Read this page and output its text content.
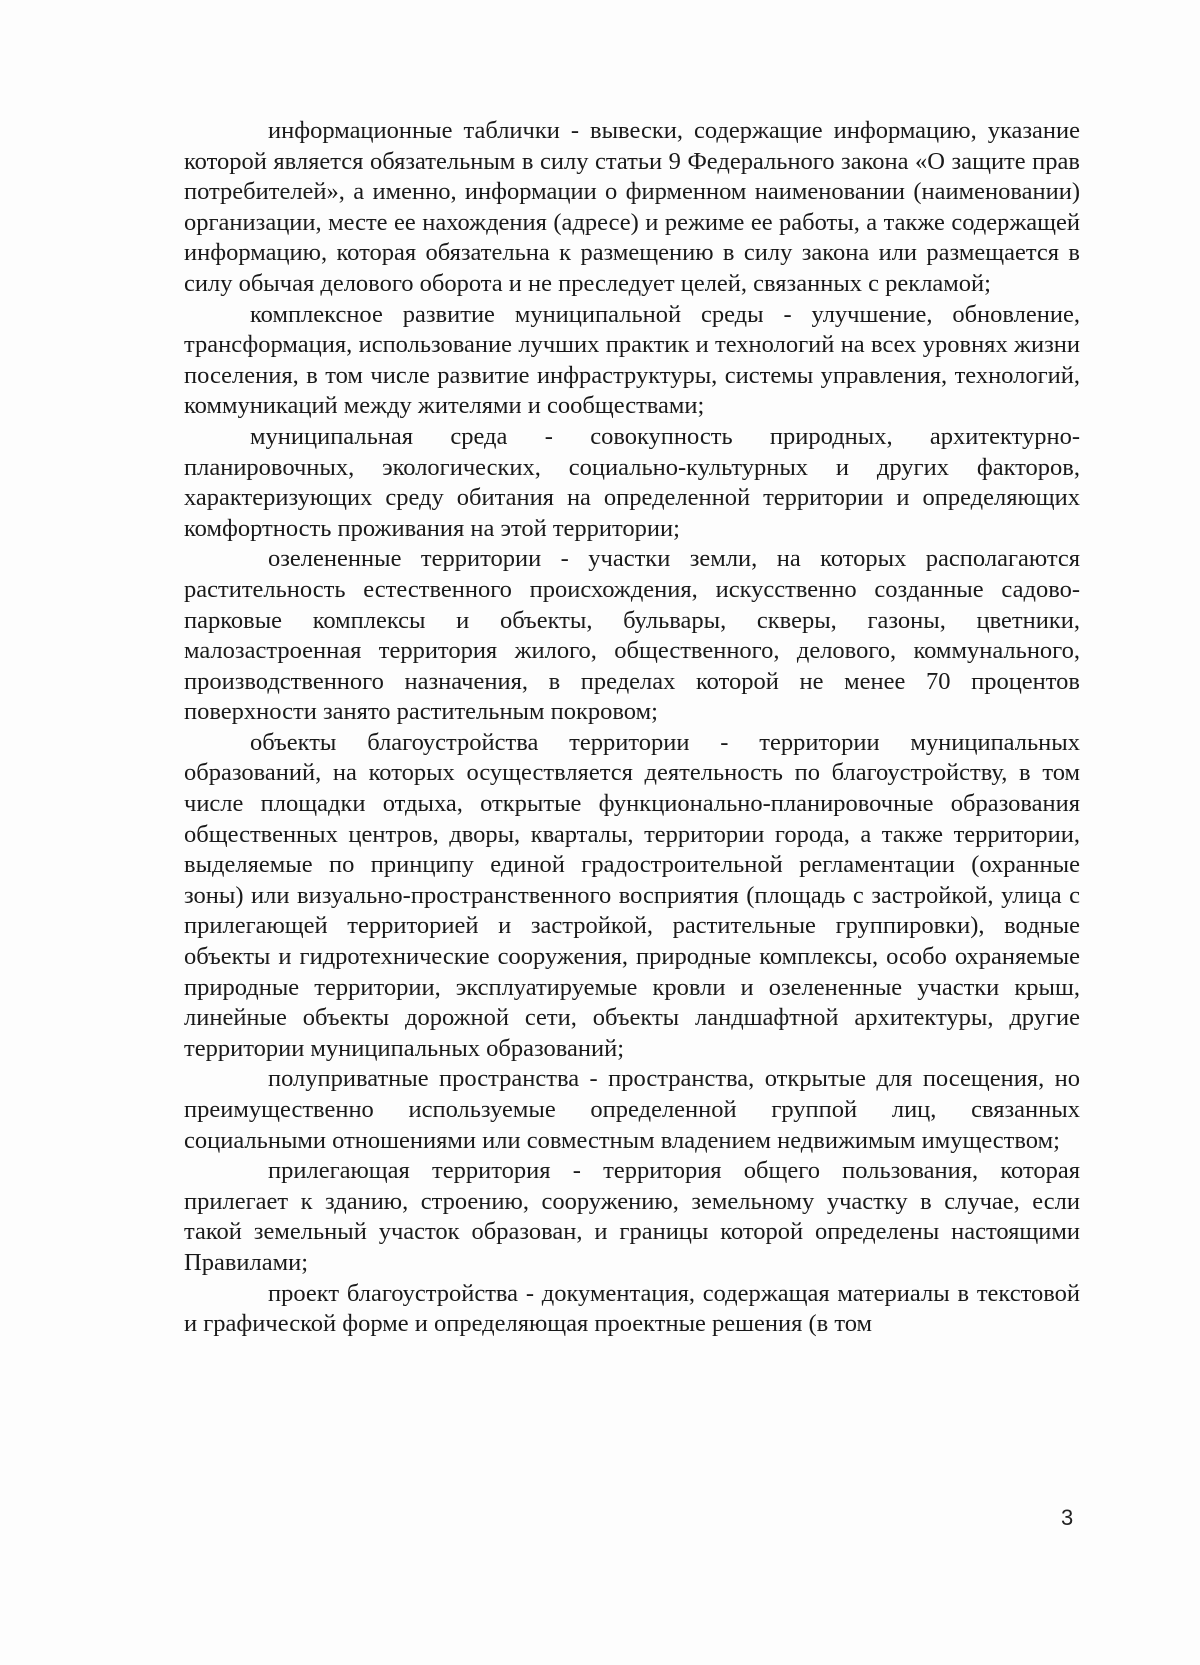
информационные таблички - вывески, содержащие информацию, указание которой является обязательным в силу статьи 9 Федерального закона «О защите прав потребителей», а именно, информации о фирменном наименовании (наименовании) организации, месте ее нахождения (адресе) и режиме ее работы, а также содержащей информацию, которая обязательна к размещению в силу закона или размещается в силу обычая делового оборота и не преследует целей, связанных с рекламой;

комплексное развитие муниципальной среды - улучшение, обновление, трансформация, использование лучших практик и технологий на всех уровнях жизни поселения, в том числе развитие инфраструктуры, системы управления, технологий, коммуникаций между жителями и сообществами;

муниципальная среда - совокупность природных, архитектурно-планировочных, экологических, социально-культурных и других факторов, характеризующих среду обитания на определенной территории и определяющих комфортность проживания на этой территории;

озелененные территории - участки земли, на которых располагаются растительность естественного происхождения, искусственно созданные садово-парковые комплексы и объекты, бульвары, скверы, газоны, цветники, малозастроенная территория жилого, общественного, делового, коммунального, производственного назначения, в пределах которой не менее 70 процентов поверхности занято растительным покровом;

объекты благоустройства территории - территории муниципальных образований, на которых осуществляется деятельность по благоустройству, в том числе площадки отдыха, открытые функционально-планировочные образования общественных центров, дворы, кварталы, территории города, а также территории, выделяемые по принципу единой градостроительной регламентации (охранные зоны) или визуально-пространственного восприятия (площадь с застройкой, улица с прилегающей территорией и застройкой, растительные группировки), водные объекты и гидротехнические сооружения, природные комплексы, особо охраняемые природные территории, эксплуатируемые кровли и озелененные участки крыш, линейные объекты дорожной сети, объекты ландшафтной архитектуры, другие территории муниципальных образований;

полуприватные пространства - пространства, открытые для посещения, но преимущественно используемые определенной группой лиц, связанных социальными отношениями или совместным владением недвижимым имуществом;

прилегающая территория - территория общего пользования, которая прилегает к зданию, строению, сооружению, земельному участку в случае, если такой земельный участок образован, и границы которой определены настоящими Правилами;

проект благоустройства - документация, содержащая материалы в текстовой и графической форме и определяющая проектные решения (в том

3
